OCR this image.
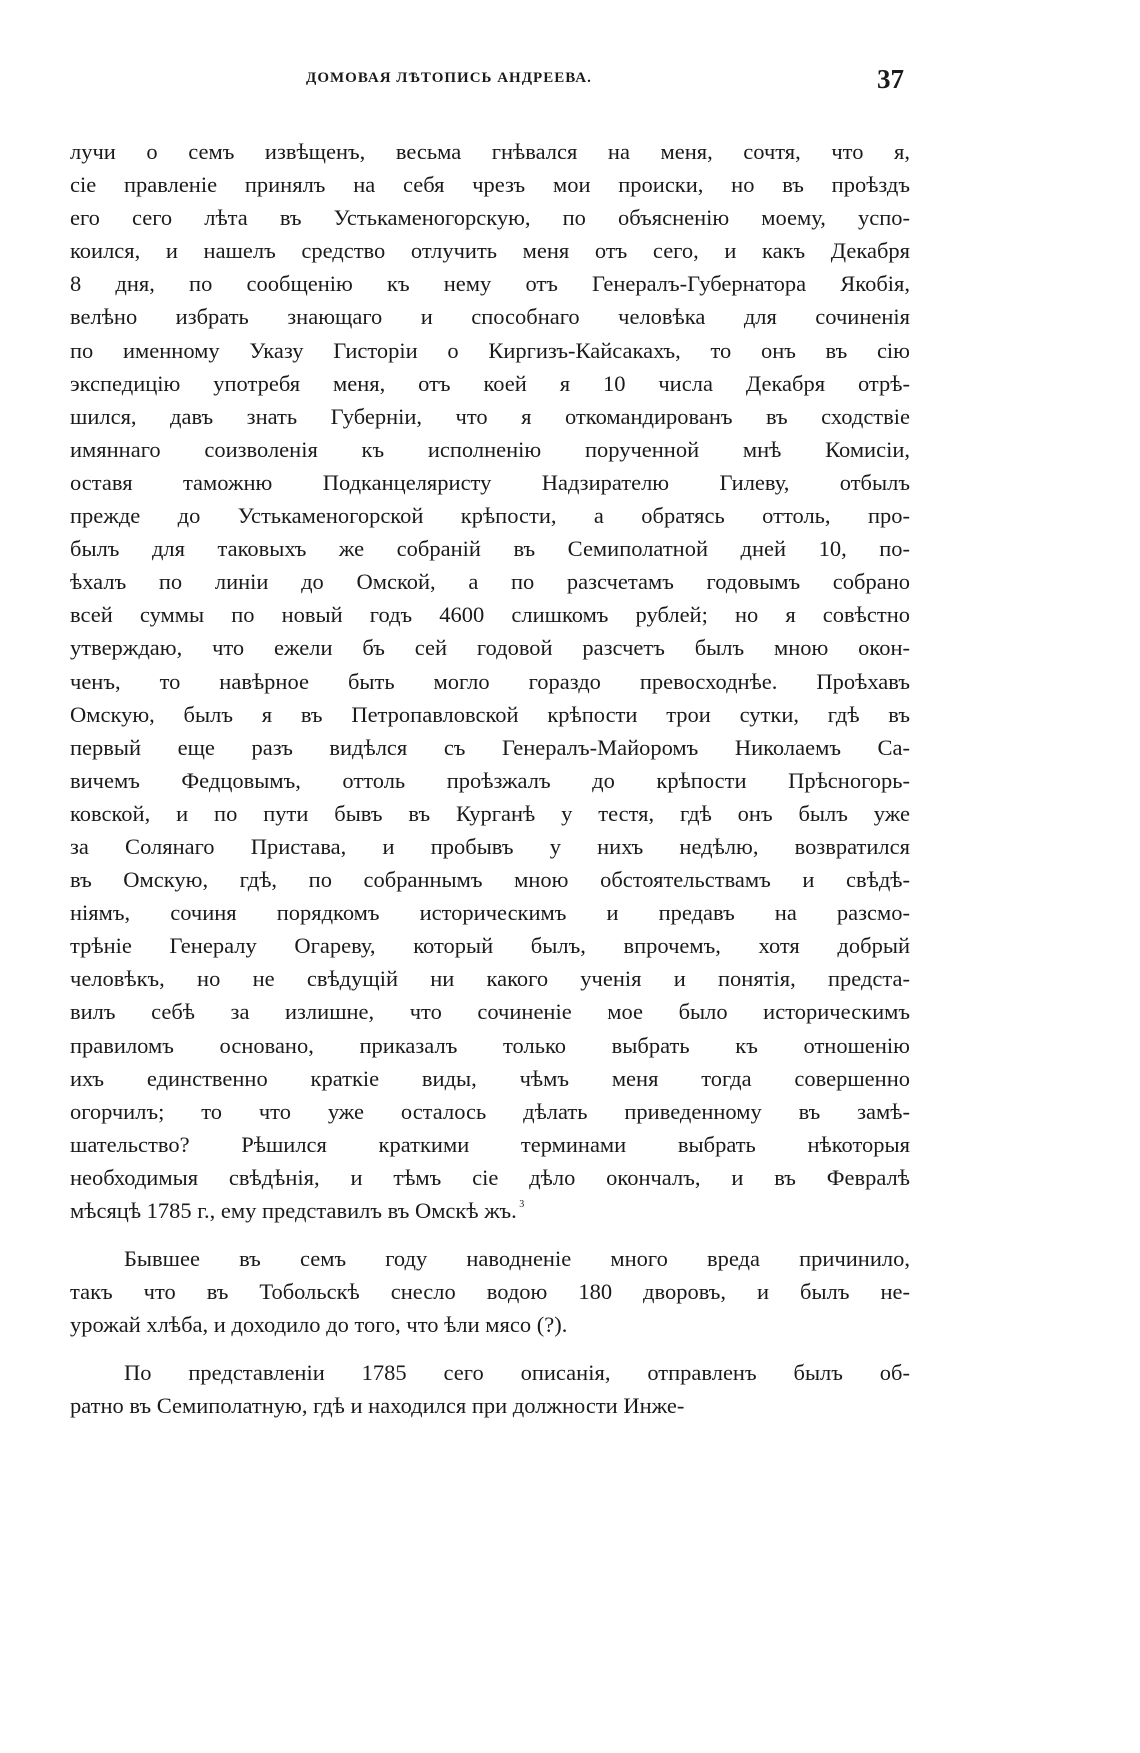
ДОМОВАЯ ЛѢТОПИСЬ АНДРЕЕВА.	37
лучи о семъ извѣщенъ, весьма гнѣвался на меня, сочтя, что я,
сіе правленіе принялъ на себя чрезъ мои происки, но въ проѣздъ
его сего лѣта въ Устькаменогорскую, по объясненію моему, успо-
коился, и нашелъ средство отлучить меня отъ сего, и какъ Декабря
8 дня, по сообщенію къ нему отъ Генералъ-Губернатора Якобія,
велѣно избрать знающаго и способнаго человѣка для сочиненія
по именному Указу Гисторіи о Киргизъ-Кайсакахъ, то онъ въ сію
экспедицію употребя меня, отъ коей я 10 числа Декабря отрѣ-
шился, давъ знать Губерніи, что я откомандированъ въ сходствіе
имяннаго соизволенія къ исполненію порученной мнѣ Комисіи,
оставя таможню Подканцеляристу Надзирателю Гилеву, отбылъ
прежде до Устькаменогорской крѣпости, а обратясь оттоль, про-
былъ для таковыхъ же собраній въ Семиполатной дней 10, по-
ѣхалъ по линіи до Омской, а по разсчетамъ годовымъ собрано
всей суммы по новый годъ 4600 слишкомъ рублей; но я совѣстно
утверждаю, что ежели бъ сей годовой разсчетъ былъ мною окон-
ченъ, то навѣрное быть могло гораздо превосходнѣе. Проѣхавъ
Омскую, былъ я въ Петропавловской крѣпости трои сутки, гдѣ въ
первый еще разъ видѣлся съ Генералъ-Майоромъ Николаемъ Са-
вичемъ Федцовымъ, оттоль проѣзжалъ до крѣпости Прѣсногорь-
ковской, и по пути бывъ въ Курганѣ у тестя, гдѣ онъ былъ уже
за Солянаго Пристава, и пробывъ у нихъ недѣлю, возвратился
въ Омскую, гдѣ, по собраннымъ мною обстоятельствамъ и свѣдѣ-
ніямъ, сочиня порядкомъ историческимъ и предавъ на разсмо-
трѣніе Генералу Огареву, который былъ, впрочемъ, хотя добрый
человѣкъ, но не свѣдущій ни какого ученія и понятія, предста-
вилъ себѣ за излишне, что сочиненіе мое было историческимъ
правиломъ основано, приказалъ только выбрать къ отношенію
ихъ единственно краткіе виды, чѣмъ меня тогда совершенно
огорчилъ; то что уже осталось дѣлать приведенному въ замѣ-
шательство? Рѣшился краткими терминами выбрать нѣкоторыя
необходимыя свѣдѣнія, и тѣмъ сіе дѣло окончалъ, и въ Февралѣ
мѣсяцѣ 1785 г., ему представилъ въ Омскѣ жъ. $^3$
Бывшее въ семъ году наводненіе много вреда причинило,
такъ что въ Тобольскѣ снесло водою 180 дворовъ, и былъ не-
урожай хлѣба, и доходило до того, что ѣли мясо (?).
По представленіи 1785 сего описанія, отправленъ былъ об-
ратно въ Семиполатную, гдѣ и находился при должности Инже-
